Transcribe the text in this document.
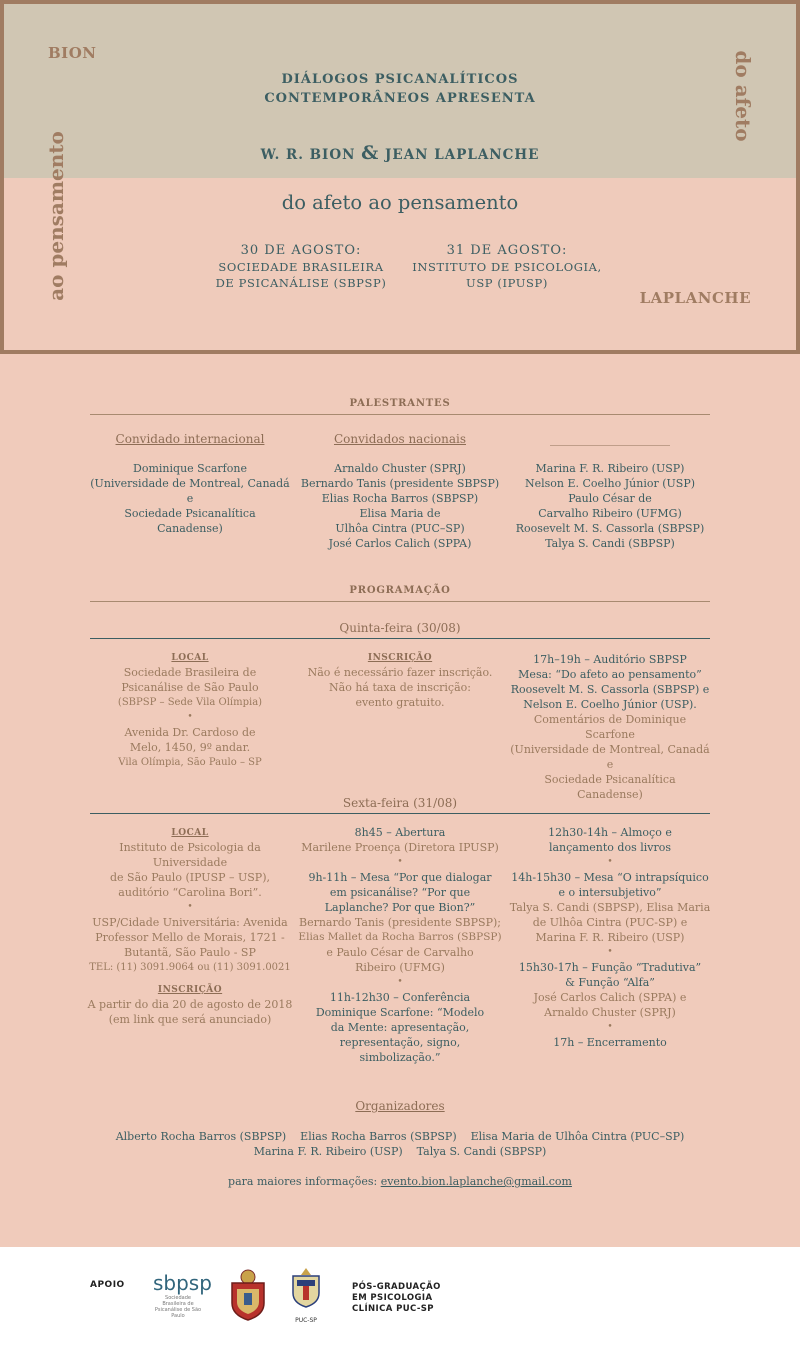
BION
LAPLANCHE
ao pensamento
do afeto
DIÁLOGOS PSICANALÍTICOS
CONTEMPORÂNEOS APRESENTA
W. R. BION & JEAN LAPLANCHE
do afeto ao pensamento
30 DE AGOSTO:
SOCIEDADE BRASILEIRA
DE PSICANÁLISE (SBPSP)
31 DE AGOSTO:
INSTITUTO DE PSICOLOGIA,
USP (IPUSP)
PALESTRANTES
Convidado internacional
Dominique Scarfone
(Universidade de Montreal, Canadá e
Sociedade Psicanalítica Canadense)
Convidados nacionais
Arnaldo Chuster (SPRJ)
Bernardo Tanis (presidente SBPSP)
Elias Rocha Barros (SBPSP)
Elisa Maria de
Ulhôa Cintra (PUC–SP)
José Carlos Calich (SPPA)
____________________
Marina F. R. Ribeiro (USP)
Nelson E. Coelho Júnior (USP)
Paulo César de
Carvalho Ribeiro (UFMG)
Roosevelt M. S. Cassorla (SBPSP)
Talya S. Candi (SBPSP)
PROGRAMAÇÃO
Quinta-feira (30/08)
LOCAL
Sociedade Brasileira de
Psicanálise de São Paulo
(SBPSP – Sede Vila Olímpia)
•
Avenida Dr. Cardoso de
Melo, 1450, 9º andar.
Vila Olímpia, São Paulo – SP
INSCRIÇÃO
Não é necessário fazer inscrição.
Não há taxa de inscrição:
evento gratuito.
17h–19h – Auditório SBPSP
Mesa: “Do afeto ao pensamento”
Roosevelt M. S. Cassorla (SBPSP) e
Nelson E. Coelho Júnior (USP).
Comentários de Dominique Scarfone
(Universidade de Montreal, Canadá e
Sociedade Psicanalítica Canadense)
Sexta-feira (31/08)
LOCAL
Instituto de Psicologia da Universidade
de São Paulo (IPUSP – USP),
auditório “Carolina Bori”.
•
USP/Cidade Universitária: Avenida
Professor Mello de Morais, 1721 -
Butantã, São Paulo - SP
TEL: (11) 3091.9064 ou (11) 3091.0021
INSCRIÇÃO
A partir do dia 20 de agosto de 2018
(em link que será anunciado)
8h45 – Abertura
Marilene Proença (Diretora IPUSP)
•
9h-11h – Mesa “Por que dialogar
em psicanálise? “Por que
Laplanche? Por que Bion?”
Bernardo Tanis (presidente SBPSP);
Elias Mallet da Rocha Barros (SBPSP)
e Paulo César de Carvalho
Ribeiro (UFMG)
•
11h-12h30 – Conferência
Dominique Scarfone: “Modelo
da Mente: apresentação,
representação, signo,
simbolização.”
12h30-14h – Almoço e
lançamento dos livros
•
14h-15h30 – Mesa “O intrapsíquico
e o intersubjetivo”
Talya S. Candi (SBPSP), Elisa Maria
de Ulhôa Cintra (PUC-SP) e
Marina F. R. Ribeiro (USP)
•
15h30-17h – Função “Tradutiva”
& Função “Alfa”
José Carlos Calich (SPPA) e
Arnaldo Chuster (SPRJ)
•
17h – Encerramento
Organizadores
Alberto Rocha Barros (SBPSP) Elias Rocha Barros (SBPSP) Elisa Maria de Ulhôa Cintra (PUC–SP)
Marina F. R. Ribeiro (USP) Talya S. Candi (SBPSP)
para maiores informações: evento.bion.laplanche@gmail.com
APOIO sbpsp
Sociedade Brasileira de Psicanálise de São Paulo
PUC-SP
PÓS-GRADUAÇÃO
EM PSICOLOGIA
CLÍNICA PUC-SP
